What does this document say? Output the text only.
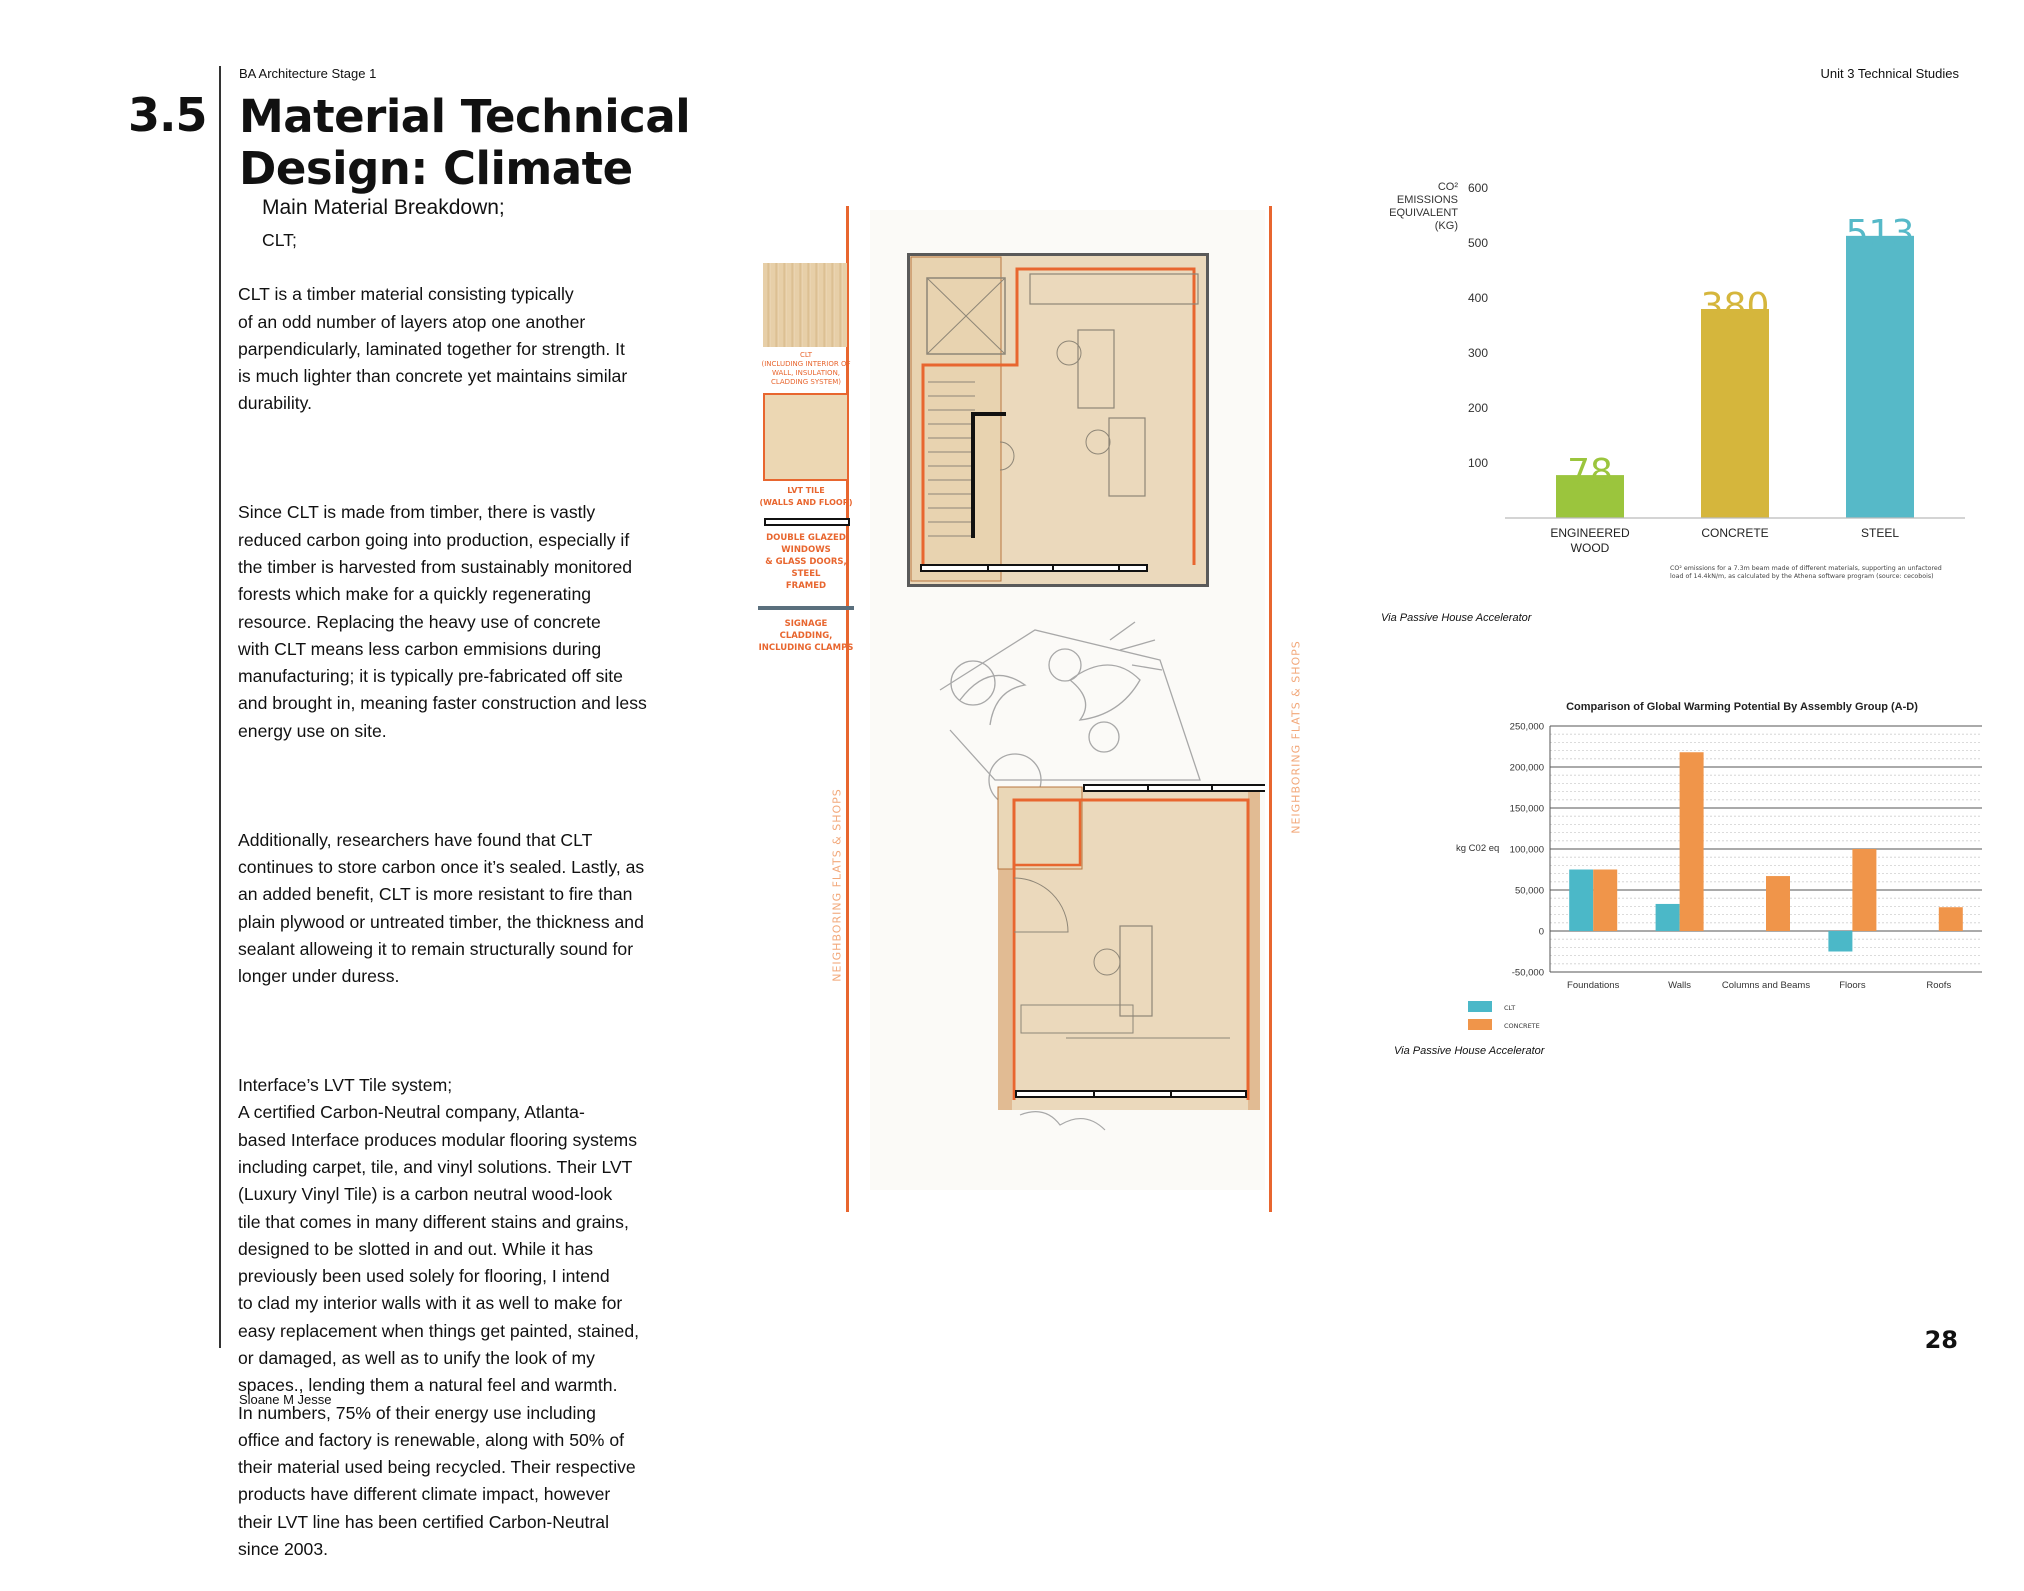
BA Architecture Stage 1	Unit 3 Technical Studies
3.5 Material Technical
Design: Climate
Main Material Breakdown;
CLT;

CLT is a timber material consisting typically
of an odd number of layers atop one another
parpendicularly, laminated together for strength. It
is much lighter than concrete yet maintains similar
durability.

Since CLT is made from timber, there is vastly
reduced carbon going into production, especially if
the timber is harvested from sustainably monitored
forests which make for a quickly regenerating
resource. Replacing the heavy use of concrete
with CLT means less carbon emmisions during
manufacturing; it is typically pre-fabricated off site
and brought in, meaning faster construction and less
energy use on site.

Additionally, researchers have found that CLT
continues to store carbon once it’s sealed. Lastly, as
an added benefit, CLT is more resistant to fire than
plain plywood or untreated timber, the thickness and
sealant alloweing it to remain structurally sound for
longer under duress.

Interface’s LVT Tile system;
A certified Carbon-Neutral company, Atlanta-
based Interface produces modular flooring systems
including carpet, tile, and vinyl solutions. Their LVT
(Luxury Vinyl Tile) is a carbon neutral wood-look
tile that comes in many different stains and grains,
designed to be slotted in and out. While it has
previously been used solely for flooring, I intend
to clad my interior walls with it as well to make for
easy replacement when things get painted, stained,
or damaged, as well as to unify the look of my
spaces., lending them a natural feel and warmth.
In numbers, 75% of their energy use including
office and factory is renewable, along with 50% of
their material used being recycled. Their respective
products have different climate impact, however
their LVT line has been certified Carbon-Neutral
since 2003.

Sloane M Jesse
CLT
(INCLUDING INTERIOR OF
WALL, INSULATION,
CLADDING SYSTEM)
LVT TILE
(WALLS AND FLOOR)
DOUBLE GLAZED WINDOWS
& GLASS DOORS, STEEL
FRAMED
SIGNAGE CLADDING,
INCLUDING CLAMPS
NEIGHBORING FLATS & SHOPS
NEIGHBORING FLATS & SHOPS
CO²
EMISSIONS
EQUIVALENT
(KG)
100
200
300
400
500
600
78
380
513
ENGINEERED
WOOD
CONCRETE	STEEL
CO² emissions for a 7.3m beam made of different materials, supporting an unfactored
load of 14.4kN/m, as calculated by the Athena software program (source: cecobois)
Via Passive House Accelerator
Comparison of Global Warming Potential By Assembly Group (A-D)
-50,000
0
50,000
100,000
150,000
200,000
250,000
Foundations	Walls	Columns and Beams	Floors	Roofs
kg C02 eq
CLT
CONCRETE
Via Passive House Accelerator
28
